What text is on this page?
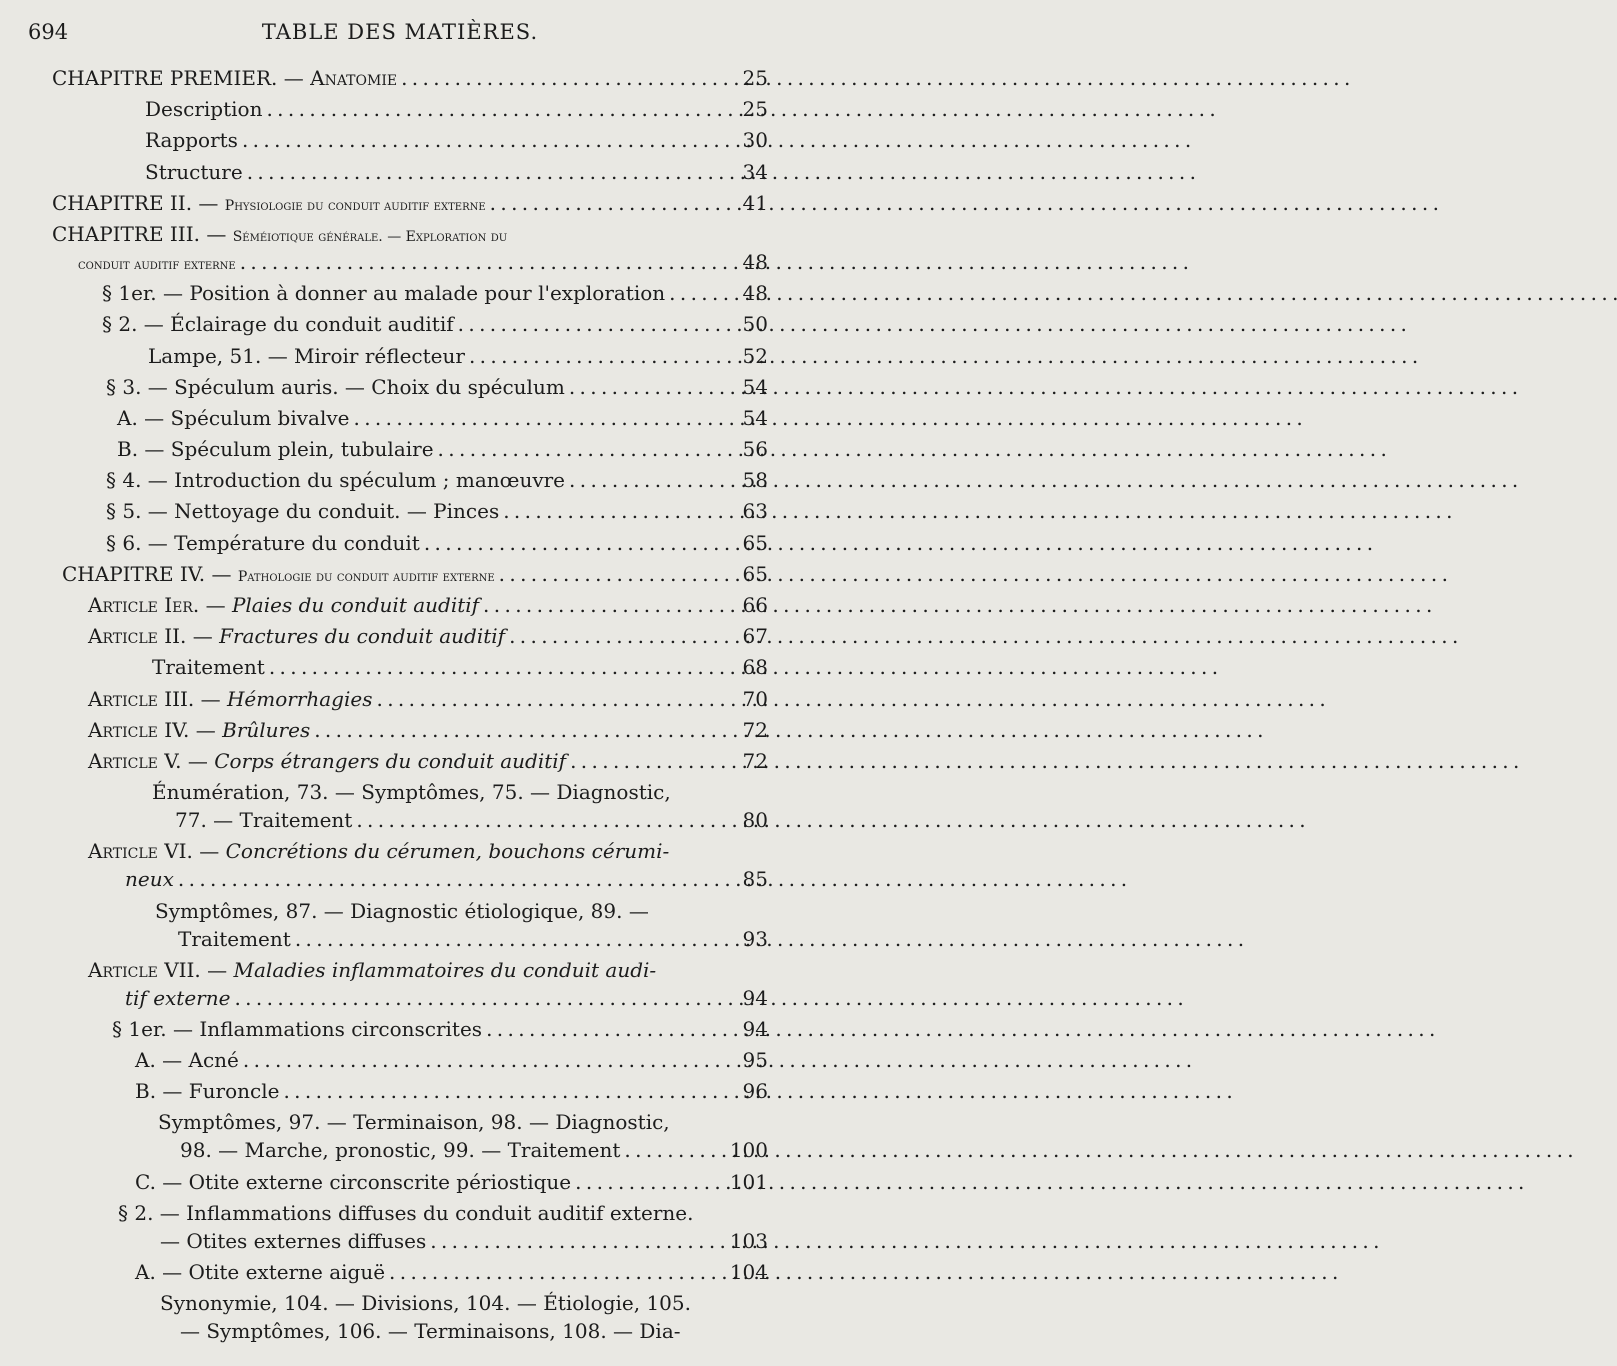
694	TABLE DES MATIÈRES.
CHAPITRE PREMIER. — Anatomie . . .	25
Description . . .	25
Rapports . . .	30
Structure . . .	34
CHAPITRE II. — Physiologie du conduit auditif externe . . .	41
CHAPITRE III. — Séméiotique générale. — Exploration du
conduit auditif externe . . .	48
§ 1er. — Position à donner au malade pour l'exploration . . .	48
§ 2. — Éclairage du conduit auditif . . .	50
Lampe, 51. — Miroir réflecteur . . .	52
§ 3. — Spéculum auris. — Choix du spéculum . . .	54
A. — Spéculum bivalve . . .	54
B. — Spéculum plein, tubulaire . . .	56
§ 4. — Introduction du spéculum ; manœuvre . . .	58
§ 5. — Nettoyage du conduit. — Pinces . . .	63
§ 6. — Température du conduit . . .	65
CHAPITRE IV. — Pathologie du conduit auditif externe . . .	65
Article Ier. — Plaies du conduit auditif . . .	66
Article II. — Fractures du conduit auditif . . .	67
Traitement . . .	68
Article III. — Hémorrhagies . . .	70
Article IV. — Brûlures . . .	72
Article V. — Corps étrangers du conduit auditif . . .	72
Énumération, 73. — Symptômes, 75. — Diagnostic,
77. — Traitement . . .	80
Article VI. — Concrétions du cérumen, bouchons cérumi-
neux . . .	85
Symptômes, 87. — Diagnostic étiologique, 89. —
Traitement . . .	93
Article VII. — Maladies inflammatoires du conduit audi-
tif externe . . .	94
§ 1er. — Inflammations circonscrites . . .	94
A. — Acné . . .	95
B. — Furoncle . . .	96
Symptômes, 97. — Terminaison, 98. — Diagnostic,
98. — Marche, pronostic, 99. — Traitement . . .	100
C. — Otite externe circonscrite périostique . . .	101
§ 2. — Inflammations diffuses du conduit auditif externe.
— Otites externes diffuses . . .	103
A. — Otite externe aiguë . . .	104
Synonymie, 104. — Divisions, 104. — Étiologie, 105.
— Symptômes, 106. — Terminaisons, 108. — Dia-
